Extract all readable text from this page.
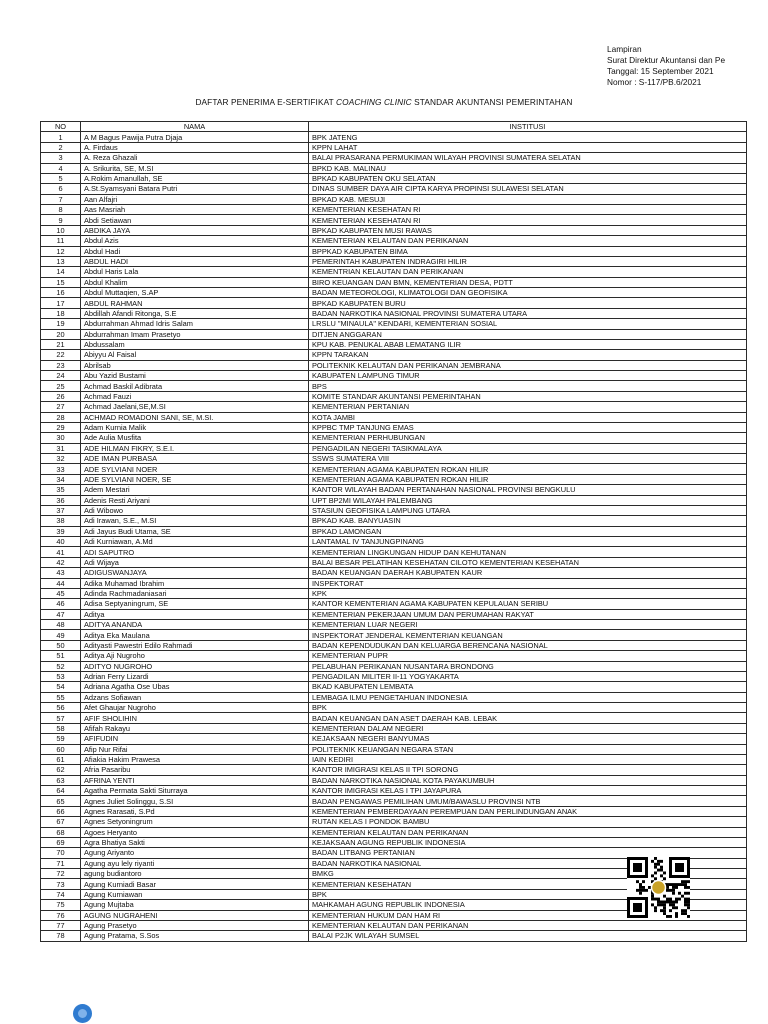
Lampiran
Surat Direktur Akuntansi dan Pe
Tanggal: 15 September 2021
Nomor : S-117/PB.6/2021
DAFTAR PENERIMA E-SERTIFIKAT COACHING CLINIC STANDAR AKUNTANSI PEMERINTAHAN
NO	NAMA	INSTITUSI
1	A M Bagus Pawija Putra Djaja	BPK JATENG
2	A. Firdaus	KPPN LAHAT
3	A. Reza Ghazali	BALAI PRASARANA PERMUKIMAN WILAYAH PROVINSI SUMATERA SELATAN
4	A. Srikurita, SE, M.SI	BPKD KAB. MALINAU
5	A.Rokim Amanullah, SE	BPKAD KABUPATEN OKU SELATAN
6	A.St.Syamsyani Batara Putri	DINAS SUMBER DAYA AIR CIPTA KARYA PROPINSI SULAWESI SELATAN
7	Aan Alfajri	BPKAD KAB. MESUJI
8	Aas Masriah	KEMENTERIAN KESEHATAN RI
9	Abdi Setiawan	KEMENTERIAN KESEHATAN RI
10	ABDIKA JAYA	BPKAD KABUPATEN MUSI RAWAS
11	Abdul Azis	KEMENTERIAN KELAUTAN DAN PERIKANAN
12	Abdul Hadi	BPPKAD KABUPATEN BIMA
13	ABDUL HADI	PEMERINTAH KABUPATEN INDRAGIRI HILIR
14	Abdul Haris Lala	KEMENTRIAN KELAUTAN DAN PERIKANAN
15	Abdul Khalim	BIRO KEUANGAN DAN BMN, KEMENTERIAN DESA, PDTT
16	Abdul Muttaqien, S.AP	BADAN METEOROLOGI, KLIMATOLOGI DAN GEOFISIKA
17	ABDUL RAHMAN	BPKAD KABUPATEN BURU
18	Abdillah Afandi Ritonga, S.E	BADAN NARKOTIKA NASIONAL PROVINSI SUMATERA UTARA
19	Abdurrahman Ahmad Idris Salam	LRSLU "MINAULA" KENDARI, KEMENTERIAN SOSIAL
20	Abdurrahman Imam Prasetyo	DITJEN ANGGARAN
21	Abdussalam	KPU KAB. PENUKAL ABAB LEMATANG ILIR
22	Abiyyu Al Faisal	KPPN TARAKAN
23	Abrilsab	POLITEKNIK KELAUTAN DAN PERIKANAN JEMBRANA
24	Abu Yazid Bustami	KABUPATEN LAMPUNG TIMUR
25	Achmad Baskil Adibrata	BPS
26	Achmad Fauzi	KOMITE STANDAR AKUNTANSI PEMERINTAHAN
27	Achmad Jaelani,SE,M.SI	KEMENTERIAN PERTANIAN
28	ACHMAD ROMADONI SANI, SE, M.SI.	KOTA JAMBI
29	Adam Kurnia Malik	KPPBC TMP TANJUNG EMAS
30	Ade Aulia Musfita	KEMENTERIAN PERHUBUNGAN
31	ADE HILMAN FIKRY, S.E.I.	PENGADILAN NEGERI TASIKMALAYA
32	ADE IMAN PURBASA	SSWS SUMATERA VIII
33	ADE SYLVIANI NOER	KEMENTERIAN AGAMA KABUPATEN ROKAN HILIR
34	ADE SYLVIANI NOER, SE	KEMENTERIAN AGAMA KABUPATEN ROKAN HILIR
35	Adem Mestari	KANTOR WILAYAH BADAN PERTANAHAN NASIONAL PROVINSI BENGKULU
36	Adenis Resti Ariyani	UPT BP2MI WILAYAH PALEMBANG
37	Adi Wibowo	STASIUN GEOFISIKA LAMPUNG UTARA
38	Adi Irawan, S.E., M.SI	BPKAD KAB. BANYUASIN
39	Adi Jayus Budi Utama, SE	BPKAD LAMONGAN
40	Adi Kurniawan, A.Md	LANTAMAL IV TANJUNGPINANG
41	ADI SAPUTRO	KEMENTERIAN LINGKUNGAN HIDUP DAN KEHUTANAN
42	Adi Wijaya	BALAI BESAR PELATIHAN KESEHATAN CILOTO KEMENTERIAN KESEHATAN
43	ADIGUSWANJAYA	BADAN KEUANGAN DAERAH KABUPATEN KAUR
44	Adika Muhamad Ibrahim	INSPEKTORAT
45	Adinda Rachmadaniasari	KPK
46	Adisa Septyaningrum, SE	KANTOR KEMENTERIAN AGAMA KABUPATEN KEPULAUAN SERIBU
47	Aditya	KEMENTERIAN PEKERJAAN UMUM DAN PERUMAHAN RAKYAT
48	ADITYA ANANDA	KEMENTERIAN LUAR NEGERI
49	Aditya Eka Maulana	INSPEKTORAT JENDERAL KEMENTERIAN KEUANGAN
50	Adityasti Pawestri Edilo Rahmadi	BADAN KEPENDUDUKAN DAN KELUARGA BERENCANA NASIONAL
51	Aditya Aji Nugroho	KEMENTERIAN PUPR
52	ADITYO NUGROHO	PELABUHAN PERIKANAN NUSANTARA BRONDONG
53	Adrian Ferry Lizardi	PENGADILAN MILITER II-11 YOGYAKARTA
54	Adriana Agatha Ose Ubas	BKAD KABUPATEN LEMBATA
55	Adzans Sofiawan	LEMBAGA ILMU PENGETAHUAN INDONESIA
56	Afet Ghaujar Nugroho	BPK
57	AFIF SHOLIHIN	BADAN KEUANGAN DAN ASET DAERAH KAB. LEBAK
58	Afifah Rakayu	KEMENTERIAN DALAM NEGERI
59	AFIFUDIN	KEJAKSAAN NEGERI BANYUMAS
60	Afip Nur Rifai	POLITEKNIK KEUANGAN NEGARA STAN
61	Afiakia Hakim Prawesa	IAIN KEDIRI
62	Afria Pasaribu	KANTOR IMIGRASI KELAS II TPI SORONG
63	AFRINA YENTI	BADAN NARKOTIKA NASIONAL KOTA PAYAKUMBUH
64	Agatha Permata Sakti Siturraya	KANTOR IMIGRASI KELAS I TPI JAYAPURA
65	Agnes Juliet Solinggu, S.SI	BADAN PENGAWAS PEMILIHAN UMUM/BAWASLU PROVINSI NTB
66	Agnes Rarasati, S.Pd	KEMENTERIAN PEMBERDAYAAN PEREMPUAN DAN PERLINDUNGAN ANAK
67	Agnes Setyoningrum	RUTAN KELAS I PONDOK BAMBU
68	Agoes Heryanto	KEMENTERIAN KELAUTAN DAN PERIKANAN
69	Agra Bhatiya Sakti	KEJAKSAAN AGUNG REPUBLIK INDONESIA
70	Agung Ariyanto	BADAN LITBANG PERTANIAN
71	Agung ayu lely riyanti	BADAN NARKOTIKA NASIONAL
72	agung budiantoro	BMKG
73	Agung Kurniadi Basar	KEMENTERIAN KESEHATAN
74	Agung Kurniawan	BPK
75	Agung Mujtaba	MAHKAMAH AGUNG REPUBLIK INDONESIA
76	AGUNG NUGRAHENI	KEMENTERIAN HUKUM DAN HAM RI
77	Agung Prasetyo	KEMENTERIAN KELAUTAN DAN PERIKANAN
78	Agung Pratama, S.Sos	BALAI P2JK WILAYAH SUMSEL
